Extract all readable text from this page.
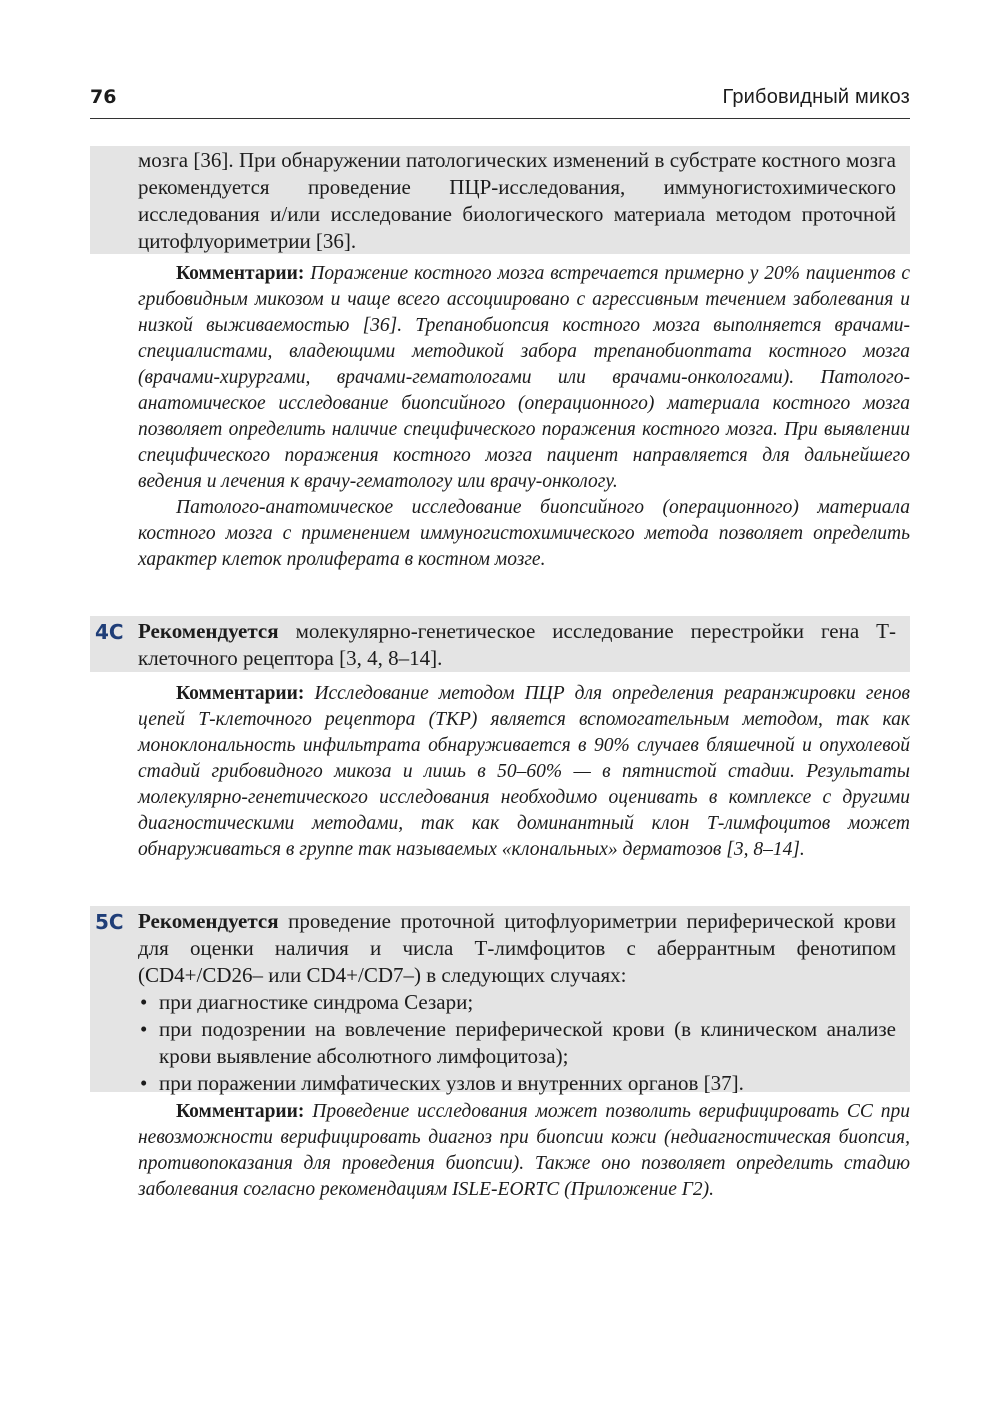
76	Грибовидный микоз

мозга [36]. При обнаружении патологических изменений в субстрате костного мозга рекомендуется проведение ПЦР-исследования, иммуногистохимического исследования и/или исследование биологического материала методом проточной цитофлуориметрии [36].

Комментарии: Поражение костного мозга встречается примерно у 20% пациентов с грибовидным микозом и чаще всего ассоциировано с агрессивным течением заболевания и низкой выживаемостью [36]. Трепанобиопсия костного мозга выполняется врачами-специалистами, владеющими методикой забора трепанобиоптата костного мозга (врачами-хирургами, врачами-гематологами или врачами-онкологами). Патолого-анатомическое исследование биопсийного (операционного) материала костного мозга позволяет определить наличие специфического поражения костного мозга. При выявлении специфического поражения костного мозга пациент направляется для дальнейшего ведения и лечения к врачу-гематологу или врачу-онкологу.

Патолого-анатомическое исследование биопсийного (операционного) материала костного мозга с применением иммуногистохимического метода позволяет определить характер клеток пролиферата в костном мозге.

4C Рекомендуется молекулярно-генетическое исследование перестройки гена Т-клеточного рецептора [3, 4, 8–14].

Комментарии: Исследование методом ПЦР для определения реаранжировки генов цепей Т-клеточного рецептора (TKP) является вспомогательным методом, так как моноклональность инфильтрата обнаруживается в 90% случаев бляшечной и опухолевой стадий грибовидного микоза и лишь в 50–60% — в пятнистой стадии. Результаты молекулярно-генетического исследования необходимо оценивать в комплексе с другими диагностическими методами, так как доминантный клон Т-лимфоцитов может обнаруживаться в группе так называемых «клональных» дерматозов [3, 8–14].

5C Рекомендуется проведение проточной цитофлуориметрии периферической крови для оценки наличия и числа Т-лимфоцитов с аберрантным фенотипом (CD4+/CD26– или CD4+/CD7–) в следующих случаях:

• при диагностике синдрома Сезари;
• при подозрении на вовлечение периферической крови (в клиническом анализе крови выявление абсолютного лимфоцитоза);
• при поражении лимфатических узлов и внутренних органов [37].

Комментарии: Проведение исследования может позволить верифицировать СС при невозможности верифицировать диагноз при биопсии кожи (недиагностическая биопсия, противопоказания для проведения биопсии). Также оно позволяет определить стадию заболевания согласно рекомендациям ISLE-EORTC (Приложение Г2).
